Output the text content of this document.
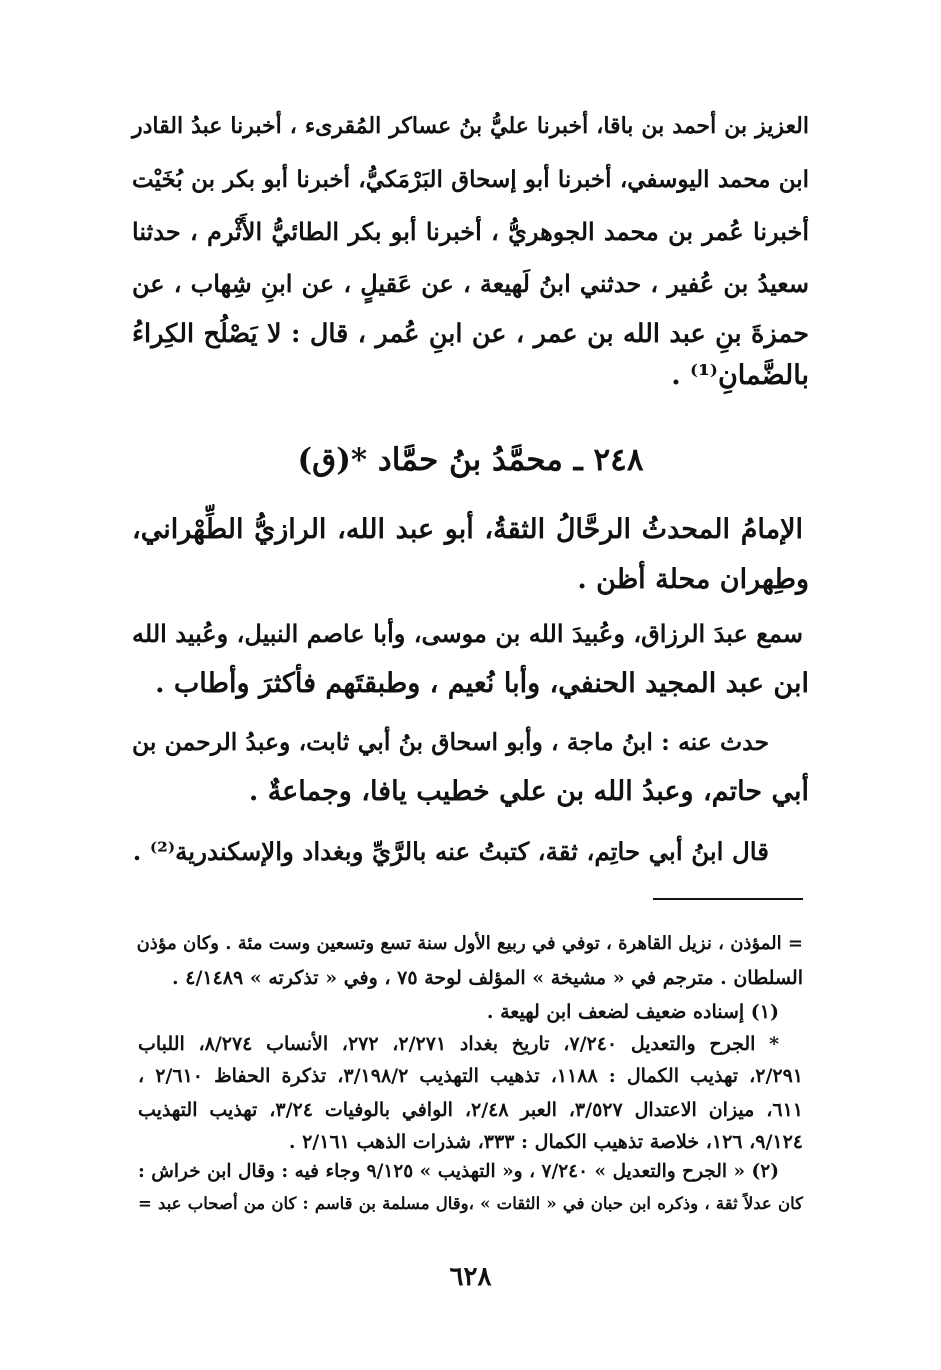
العزيز بن أحمد بن باقا، أخبرنا عليُّ بنُ عساكر المُقرىء ، أخبرنا عبدُ القادر
ابن محمد اليوسفي، أخبرنا أبو إسحاق البَرْمَكيُّ، أخبرنا أبو بكر بن بُخَيْت
أخبرنا عُمر بن محمد الجوهريُّ ، أخبرنا أبو بكر الطائيُّ الأَثْرم ، حدثنا
سعيدُ بن عُفير ، حدثني ابنُ لَهيعة ، عن عَقيلٍ ، عن ابنِ شِهاب ، عن
حمزةَ بنِ عبد الله بن عمر ، عن ابنِ عُمر ، قال : لا يَصْلُح الكِراءُ
بالضَّمانِ⁽¹⁾ .
٢٤٨ ـ محمَّدُ بنُ حمَّاد *(ق)
الإمامُ المحدثُ الرحَّالُ الثقةُ، أبو عبد الله، الرازيُّ الطِّهْراني،
وطِهران محلة أظن .
سمع عبدَ الرزاق، وعُبيدَ الله بن موسى، وأبا عاصم النبيل، وعُبيد الله
ابن عبد المجيد الحنفي، وأبا نُعيم ، وطبقتَهم فأكثرَ وأطاب .
حدث عنه : ابنُ ماجة ، وأبو اسحاق بنُ أبي ثابت، وعبدُ الرحمن بن
أبي حاتم، وعبدُ الله بن علي خطيب يافا، وجماعةٌ .
قال ابنُ أبي حاتِم، ثقة، كتبتُ عنه بالرَّيِّ وبغداد والإسكندرية⁽²⁾ .
= المؤذن ، نزيل القاهرة ، توفي في ربيع الأول سنة تسع وتسعين وست مئة . وكان مؤذن
السلطان . مترجم في « مشيخة » المؤلف لوحة ٧٥ ، وفي « تذكرته » ٤/١٤٨٩ .
(١) إسناده ضعيف لضعف ابن لهيعة .
* الجرح والتعديل ٧/٢٤٠، تاريخ بغداد ٢/٢٧١، ٢٧٢، الأنساب ٨/٢٧٤، اللباب
٢/٢٩١، تهذيب الكمال : ١١٨٨، تذهيب التهذيب ٣/١٩٨/٢، تذكرة الحفاظ ٢/٦١٠ ،
٦١١، ميزان الاعتدال ٣/٥٢٧، العبر ٢/٤٨، الوافي بالوفيات ٣/٢٤، تهذيب التهذيب
٩/١٢٤، ١٢٦، خلاصة تذهيب الكمال : ٣٣٣، شذرات الذهب ٢/١٦١ .
(٢) « الجرح والتعديل » ٧/٢٤٠ ، و« التهذيب » ٩/١٢٥ وجاء فيه : وقال ابن خراش :
كان عدلاً ثقة ، وذكره ابن حبان في « الثقات » ،وقال مسلمة بن قاسم : كان من أصحاب عبد =
٦٢٨
